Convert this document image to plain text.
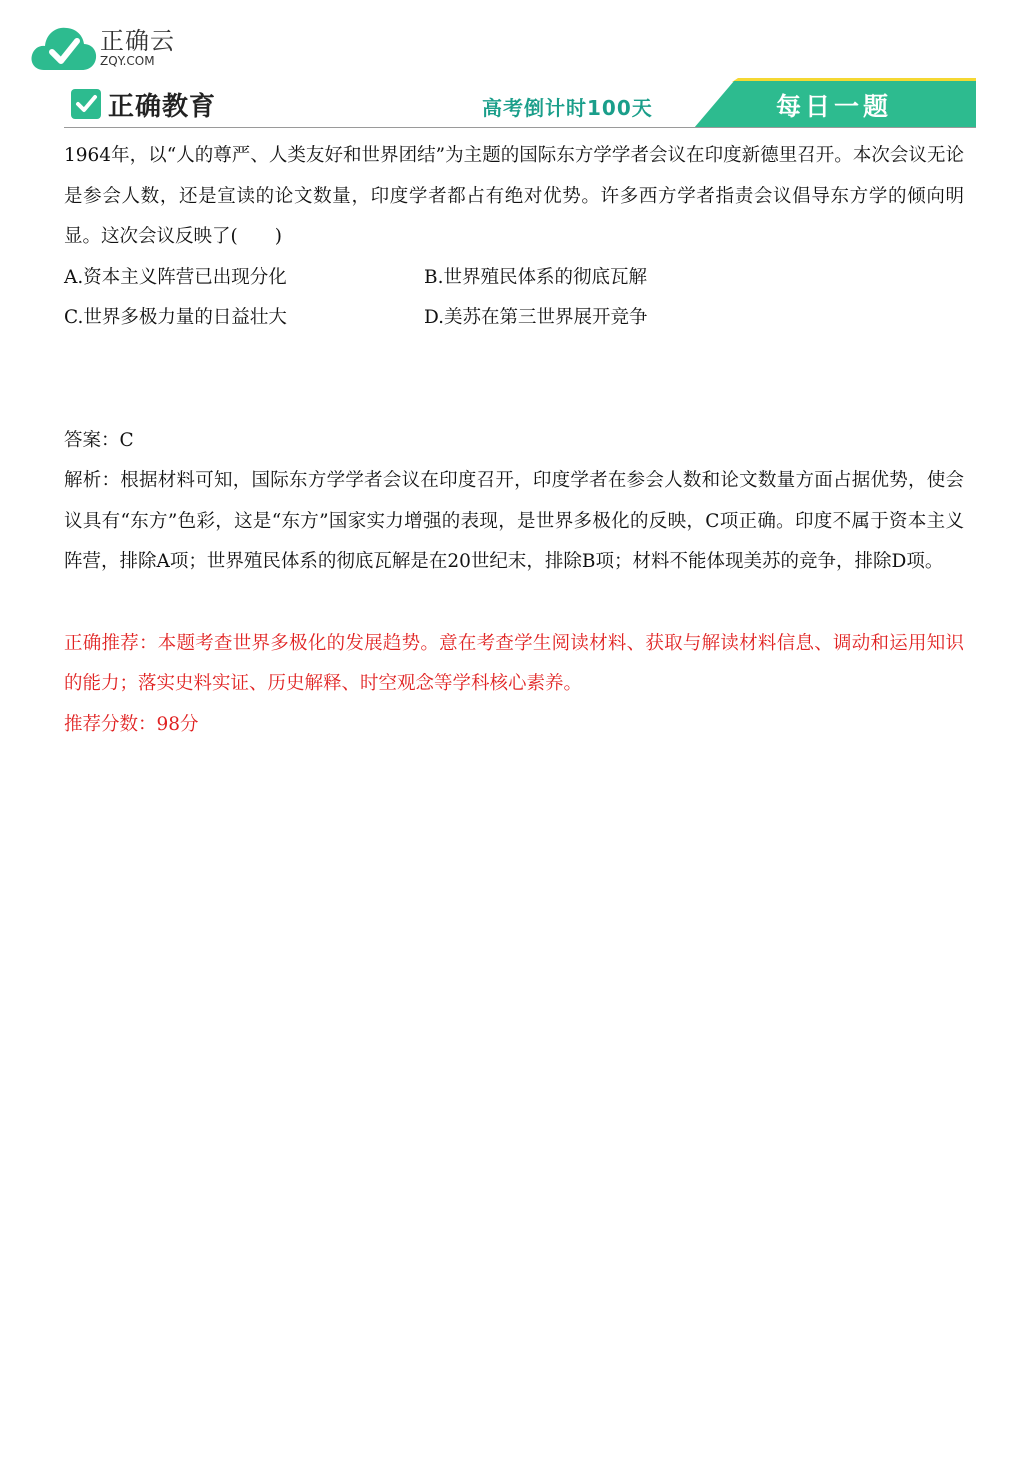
正确云
ZQY.COM
正确教育	高考倒计时100天	每日一题

1964年，以“人的尊严、人类友好和世界团结”为主题的国际东方学学者会议在印度新德里召开。本次会议无论是参会人数，还是宣读的论文数量，印度学者都占有绝对优势。许多西方学者指责会议倡导东方学的倾向明显。这次会议反映了(　　)

A.资本主义阵营已出现分化	B.世界殖民体系的彻底瓦解
C.世界多极力量的日益壮大	D.美苏在第三世界展开竞争

答案：C

解析：根据材料可知，国际东方学学者会议在印度召开，印度学者在参会人数和论文数量方面占据优势，使会议具有“东方”色彩，这是“东方”国家实力增强的表现，是世界多极化的反映，C项正确。印度不属于资本主义阵营，排除A项；世界殖民体系的彻底瓦解是在20世纪末，排除B项；材料不能体现美苏的竞争，排除D项。

正确推荐：本题考查世界多极化的发展趋势。意在考查学生阅读材料、获取与解读材料信息、调动和运用知识的能力；落实史料实证、历史解释、时空观念等学科核心素养。

推荐分数：98分
